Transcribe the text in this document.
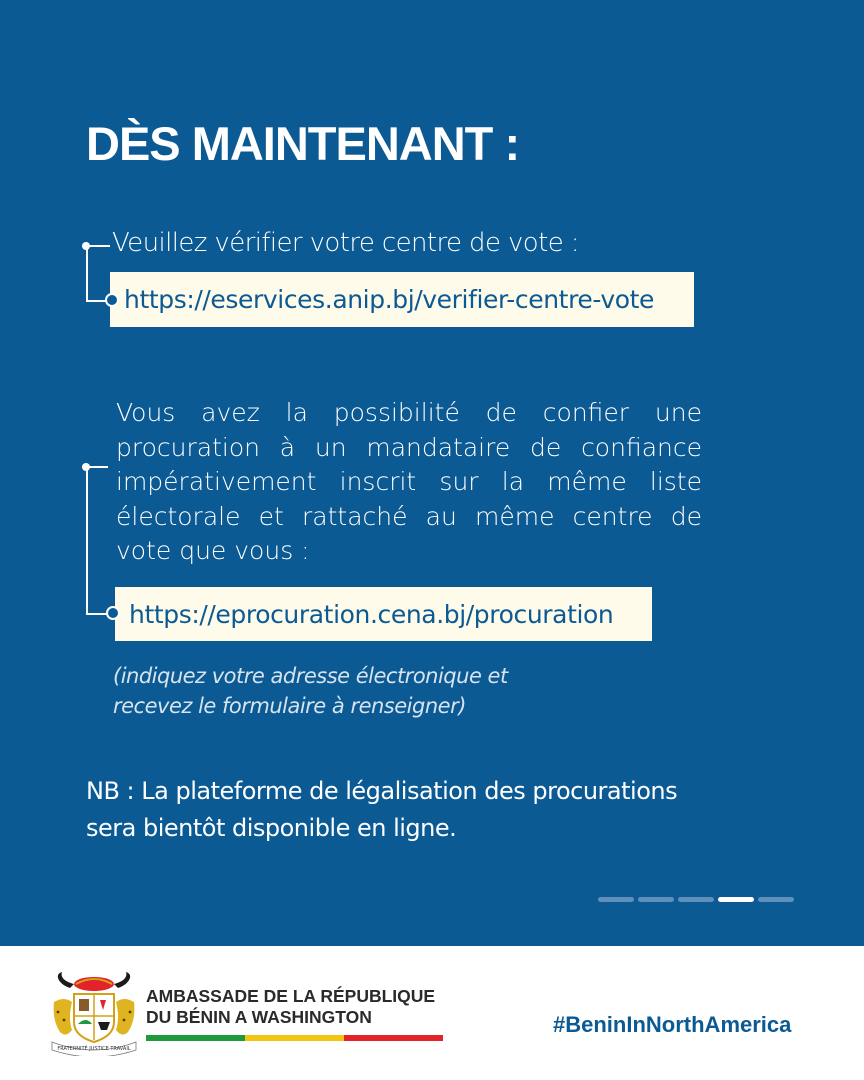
DÈS MAINTENANT :
Veuillez vérifier votre centre de vote :
https://eservices.anip.bj/verifier-centre-vote
Vous avez la possibilité de confier une procuration à un mandataire de confiance impérativement inscrit sur la même liste électorale et rattaché au même centre de vote que vous :
https://eprocuration.cena.bj/procuration
(indiquez votre adresse électronique et
recevez le formulaire à renseigner)
NB : La plateforme de légalisation des procurations
sera bientôt disponible en ligne.
FRATERNITÉ JUSTICE TRAVAIL
AMBASSADE DE LA RÉPUBLIQUE
DU BÉNIN A WASHINGTON	#BeninInNorthAmerica
